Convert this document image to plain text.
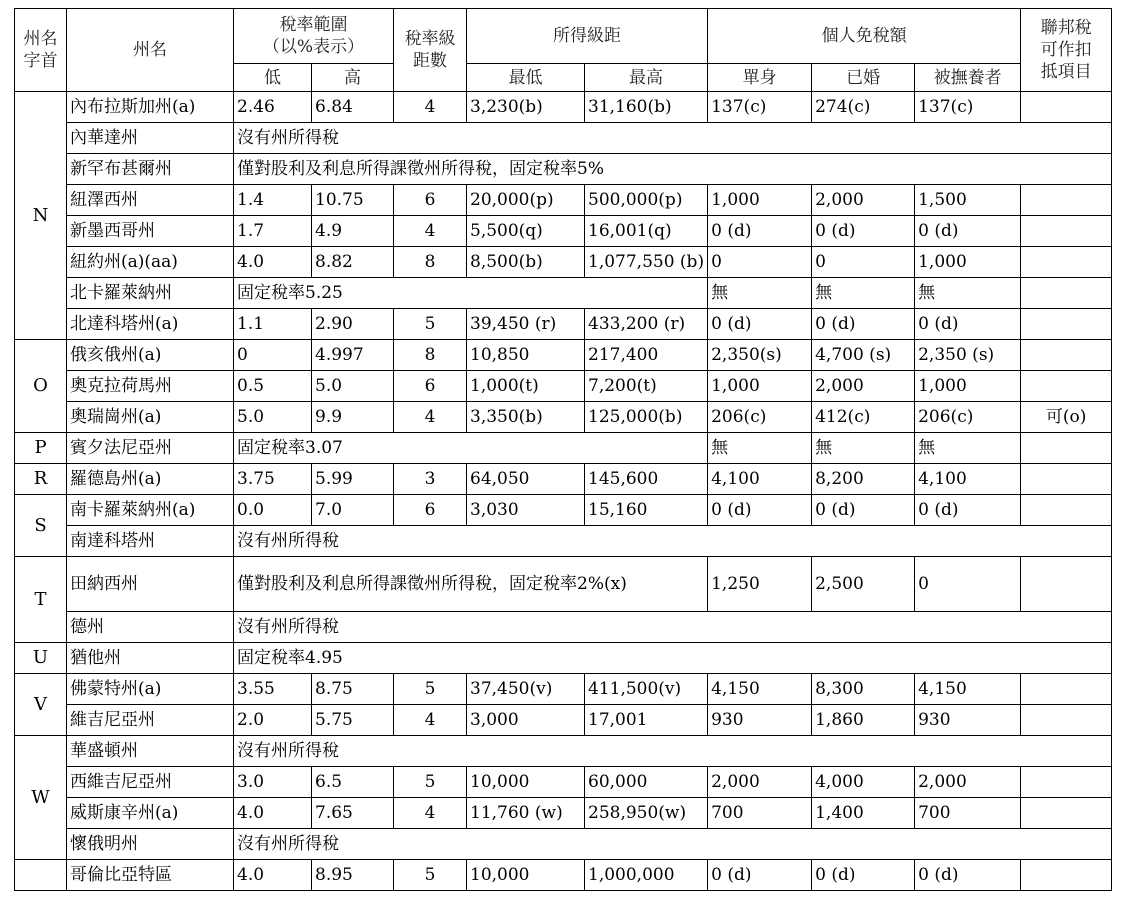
州名
字首	州名	稅率範圍
（以%表示）		稅率級
距數	所得級距		個人免稅額			聯邦稅
可作扣
抵項目
		低	高		最低	最高	單身	已婚	被撫養者	
N	內布拉斯加州(a)	2.46	6.84	4	3,230(b)	31,160(b)	137(c)	274(c)	137(c)	
	內華達州	沒有州所得稅								
	新罕布甚爾州	僅對股利及利息所得課徵州所得稅，固定稅率5%								
	紐澤西州	1.4	10.75	6	20,000(p)	500,000(p)	1,000	2,000	1,500	
	新墨西哥州	1.7	4.9	4	5,500(q)	16,001(q)	0 (d)	0 (d)	0 (d)	
	紐約州(a)(aa)	4.0	8.82	8	8,500(b)	1,077,550 (b)	0	0	1,000	
	北卡羅萊納州	固定稅率5.25					無	無	無	
	北達科塔州(a)	1.1	2.90	5	39,450 (r)	433,200 (r)	0 (d)	0 (d)	0 (d)	
O	俄亥俄州(a)	0	4.997	8	10,850	217,400	2,350(s)	4,700 (s)	2,350 (s)	
	奧克拉荷馬州	0.5	5.0	6	1,000(t)	7,200(t)	1,000	2,000	1,000	
	奧瑞崗州(a)	5.0	9.9	4	3,350(b)	125,000(b)	206(c)	412(c)	206(c)	可(o)
P	賓夕法尼亞州	固定稅率3.07					無	無	無	
R	羅德島州(a)	3.75	5.99	3	64,050	145,600	4,100	8,200	4,100	
S	南卡羅萊納州(a)	0.0	7.0	6	3,030	15,160	0 (d)	0 (d)	0 (d)	
	南達科塔州	沒有州所得稅								
T	田納西州	僅對股利及利息所得課徵州所得稅，固定稅率2%(x)					1,250	2,500	0	
	德州	沒有州所得稅								
U	猶他州	固定稅率4.95								
V	佛蒙特州(a)	3.55	8.75	5	37,450(v)	411,500(v)	4,150	8,300	4,150	
	維吉尼亞州	2.0	5.75	4	3,000	17,001	930	1,860	930	
W	華盛頓州	沒有州所得稅								
	西維吉尼亞州	3.0	6.5	5	10,000	60,000	2,000	4,000	2,000	
	威斯康辛州(a)	4.0	7.65	4	11,760 (w)	258,950(w)	700	1,400	700	
	懷俄明州	沒有州所得稅								
	哥倫比亞特區	4.0	8.95	5	10,000	1,000,000	0 (d)	0 (d)	0 (d)	
